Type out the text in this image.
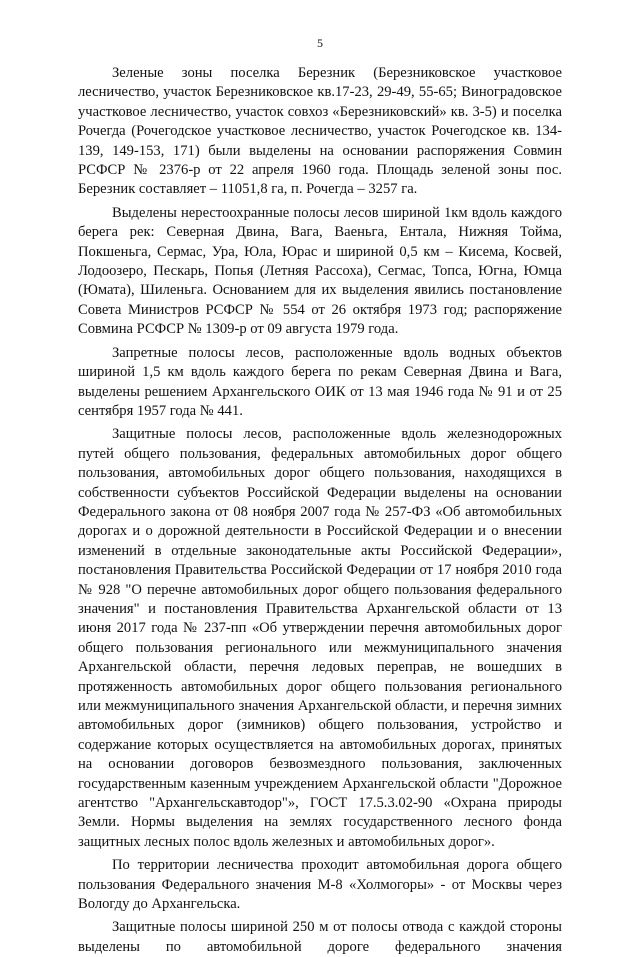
5

Зеленые зоны поселка Березник (Березниковское участковое лесничество, участок Березниковское кв.17-23, 29-49, 55-65; Виноградовское участковое лесничество, участок совхоз «Березниковский» кв. 3-5) и поселка Рочегда (Рочегодское участковое лесничество, участок Рочегодское кв. 134-139, 149-153, 171) были выделены на основании распоряжения Совмин РСФСР № 2376-р от 22 апреля 1960 года. Площадь зеленой зоны пос. Березник составляет – 11051,8 га, п. Рочегда – 3257 га.

Выделены нерестоохранные полосы лесов шириной 1км вдоль каждого берега рек: Северная Двина, Вага, Ваеньга, Ентала, Нижняя Тойма, Покшеньга, Сермас, Ура, Юла, Юрас и шириной 0,5 км – Кисема, Косвей, Лодоозеро, Пескарь, Попья (Летняя Рассоха), Сегмас, Топса, Югна, Юмца (Юмата), Шиленьга. Основанием для их выделения явились постановление Совета Министров РСФСР № 554 от 26 октября 1973 год; распоряжение Совмина РСФСР № 1309-р от 09 августа 1979 года.

Запретные полосы лесов, расположенные вдоль водных объектов шириной 1,5 км вдоль каждого берега по рекам Северная Двина и Вага, выделены решением Архангельского ОИК от 13 мая 1946 года № 91 и от 25 сентября 1957 года № 441.

Защитные полосы лесов, расположенные вдоль железнодорожных путей общего пользования, федеральных автомобильных дорог общего пользования, автомобильных дорог общего пользования, находящихся в собственности субъектов Российской Федерации выделены на основании Федерального закона от 08 ноября 2007 года № 257-ФЗ «Об автомобильных дорогах и о дорожной деятельности в Российской Федерации и о внесении изменений в отдельные законодательные акты Российской Федерации», постановления Правительства Российской Федерации от 17 ноября 2010 года № 928 "О перечне автомобильных дорог общего пользования федерального значения" и постановления Правительства Архангельской области от 13 июня 2017 года № 237-пп «Об утверждении перечня автомобильных дорог общего пользования регионального или межмуниципального значения Архангельской области, перечня ледовых переправ, не вошедших в протяженность автомобильных дорог общего пользования регионального или межмуниципального значения Архангельской области, и перечня зимних автомобильных дорог (зимников) общего пользования, устройство и содержание которых осуществляется на автомобильных дорогах, принятых на основании договоров безвозмездного пользования, заключенных государственным казенным учреждением Архангельской области "Дорожное агентство "Архангельскавтодор"», ГОСТ 17.5.3.02-90 «Охрана природы Земли. Нормы выделения на землях государственного лесного фонда защитных лесных полос вдоль железных и автомобильных дорог».

По территории лесничества проходит автомобильная дорога общего пользования Федерального значения М-8 «Холмогоры» - от Москвы через Вологду до Архангельска.

Защитные полосы шириной 250 м от полосы отвода с каждой стороны выделены по автомобильной дороге федерального значения
